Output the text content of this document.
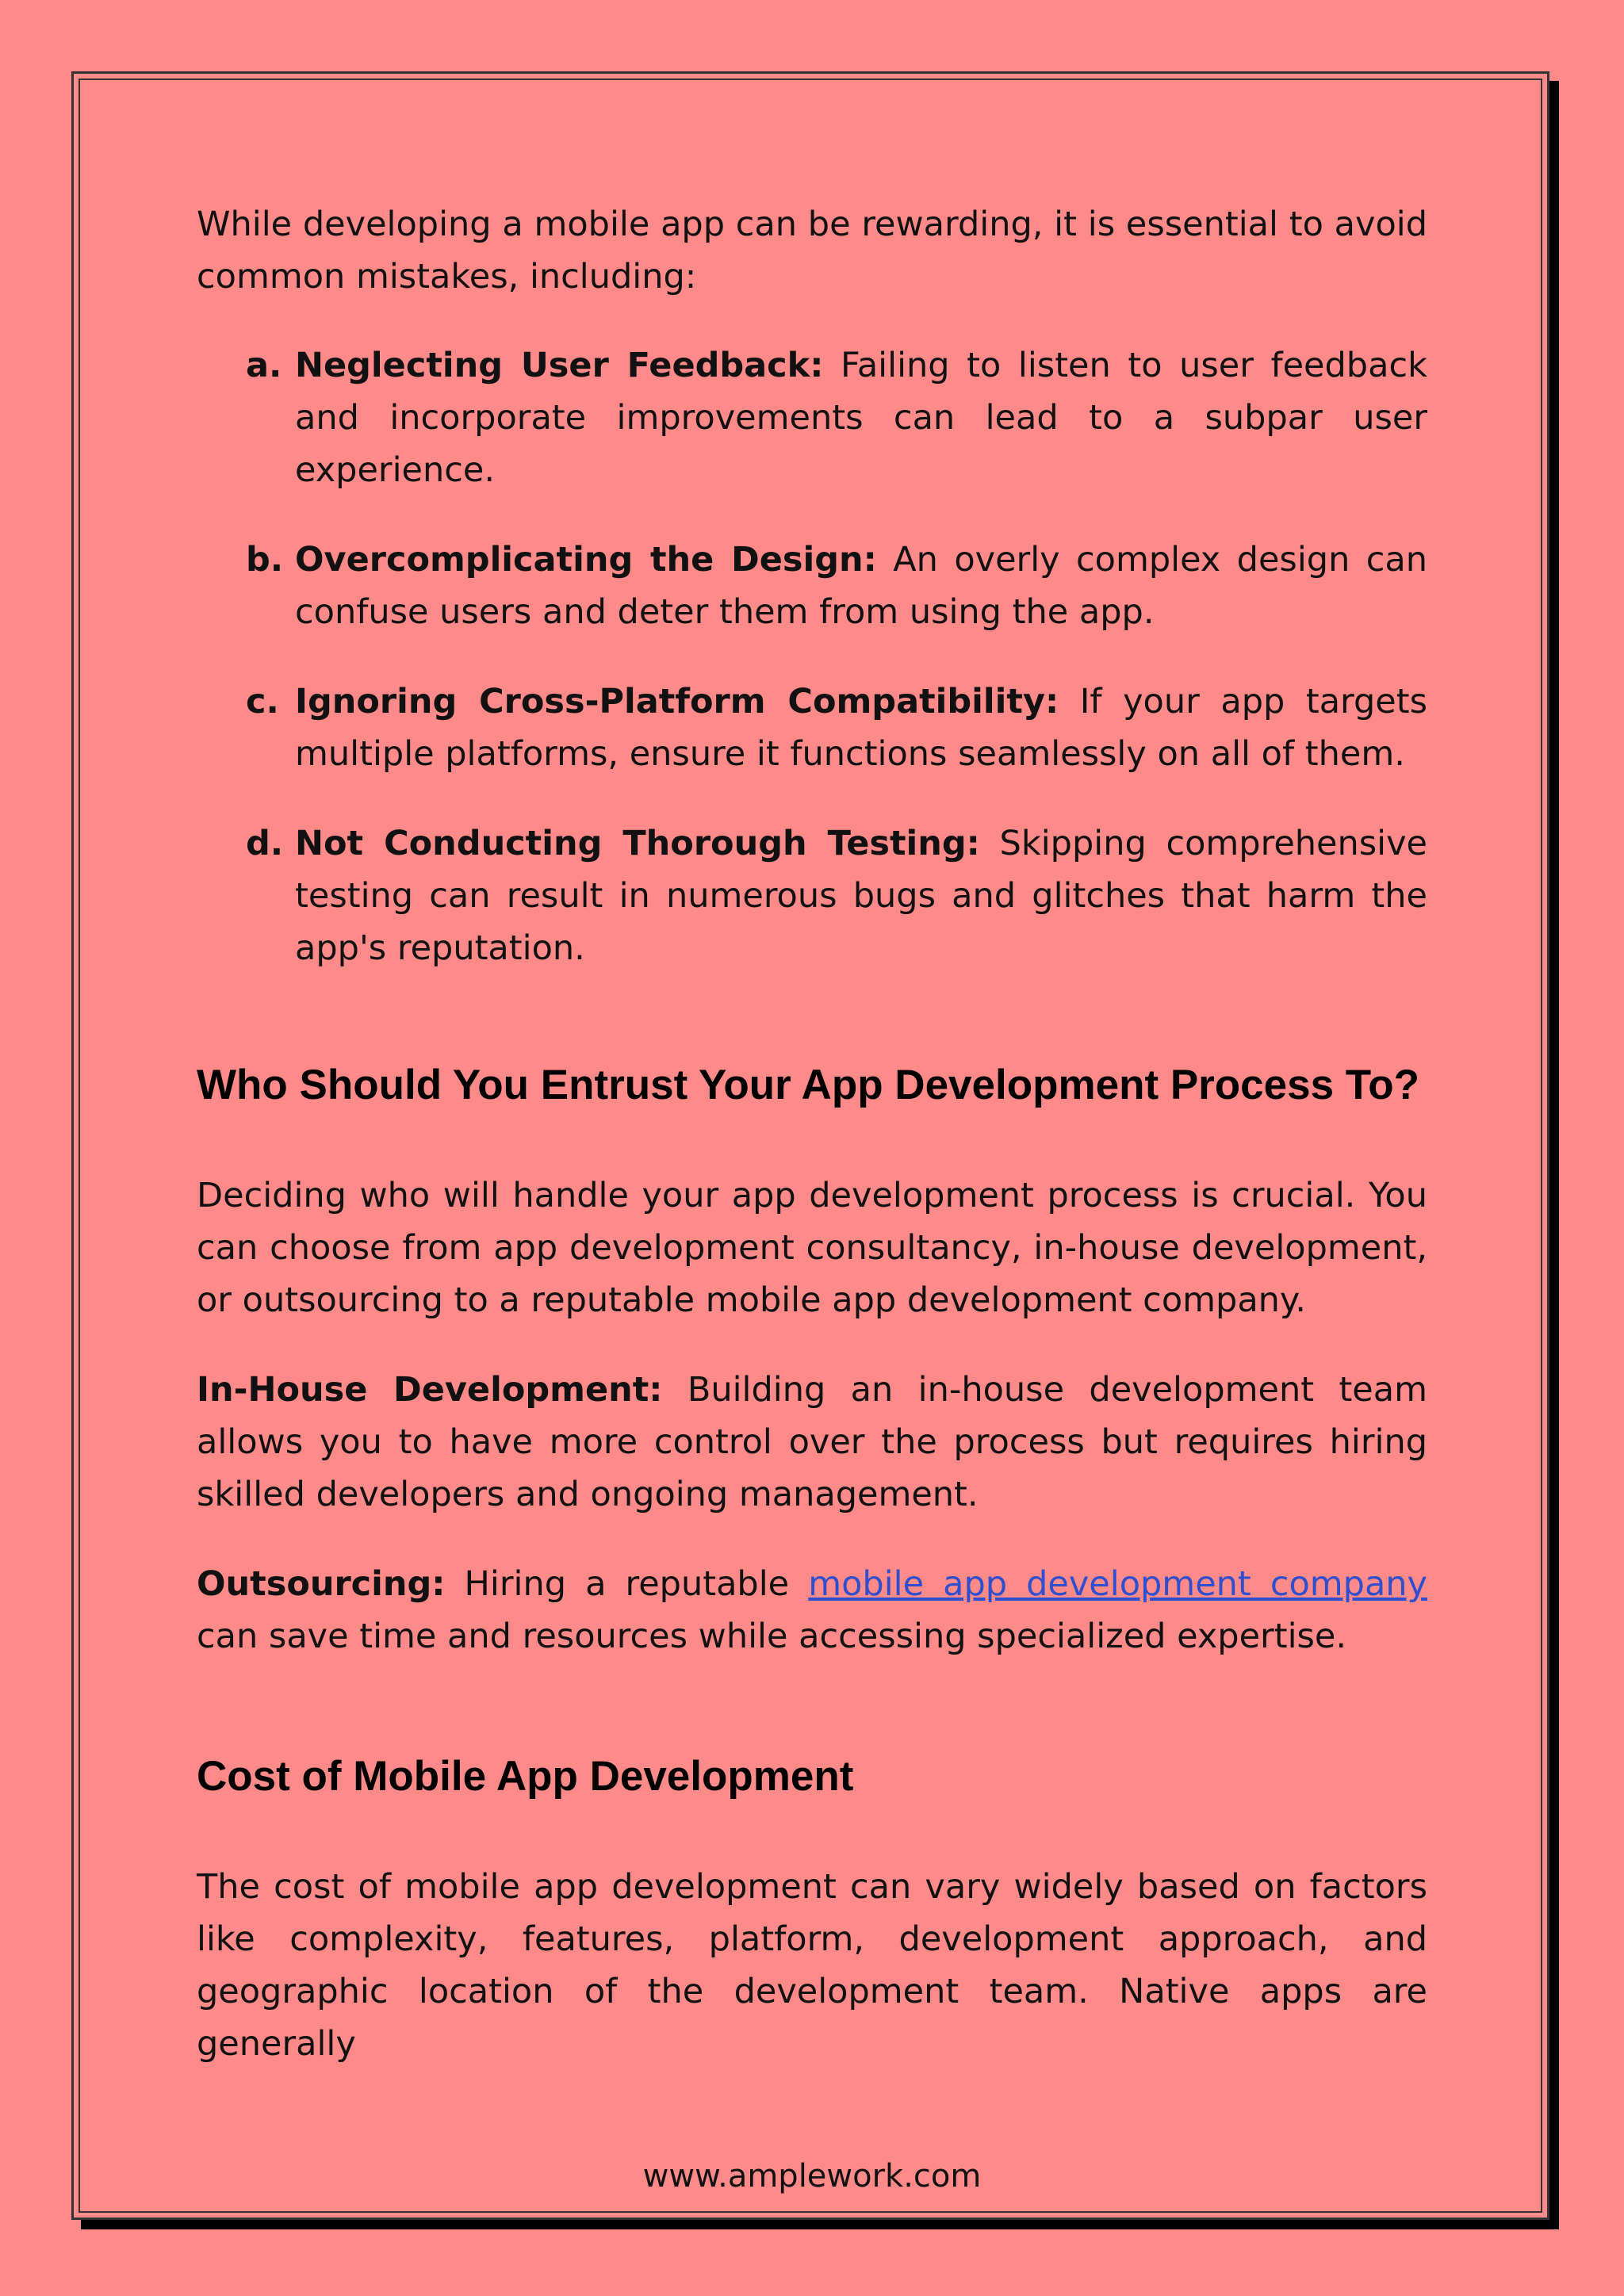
While developing a mobile app can be rewarding, it is essential to avoid common mistakes, including:

a. Neglecting User Feedback: Failing to listen to user feedback and incorporate improvements can lead to a subpar user experience.
b. Overcomplicating the Design: An overly complex design can confuse users and deter them from using the app.
c. Ignoring Cross-Platform Compatibility: If your app targets multiple platforms, ensure it functions seamlessly on all of them.
d. Not Conducting Thorough Testing: Skipping comprehensive testing can result in numerous bugs and glitches that harm the app's reputation.
Who Should You Entrust Your App Development Process To?

Deciding who will handle your app development process is crucial. You can choose from app development consultancy, in-house development, or outsourcing to a reputable mobile app development company.

In-House Development: Building an in-house development team allows you to have more control over the process but requires hiring skilled developers and ongoing management.

Outsourcing: Hiring a reputable mobile app development company can save time and resources while accessing specialized expertise.

Cost of Mobile App Development

The cost of mobile app development can vary widely based on factors like complexity, features, platform, development approach, and geographic location of the development team. Native apps are generally

www.amplework.com
